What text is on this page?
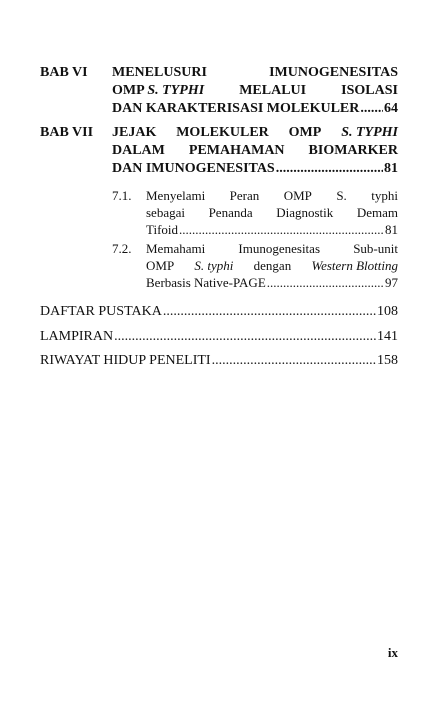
BAB VI MENELUSURI	IMUNOGENESITAS
OMP S. TYPHI	MELALUI	ISOLASI
DAN KARAKTERISASI MOLEKULER ..... 64
BAB VII JEJAK MOLEKULER OMP S. TYPHI
DALAM PEMAHAMAN BIOMARKER
DAN IMUNOGENESITAS .....	81
7.1. Menyelami Peran OMP S. typhi
sebagai Penanda Diagnostik Demam
Tifoid .....	81
7.2. Memahami	Imunogenesitas	Sub-unit
OMP S. typhi dengan Western Blotting
Berbasis Native-PAGE .....	97
DAFTAR PUSTAKA .....	108
LAMPIRAN .....	141
RIWAYAT HIDUP PENELITI .....	158
ix
